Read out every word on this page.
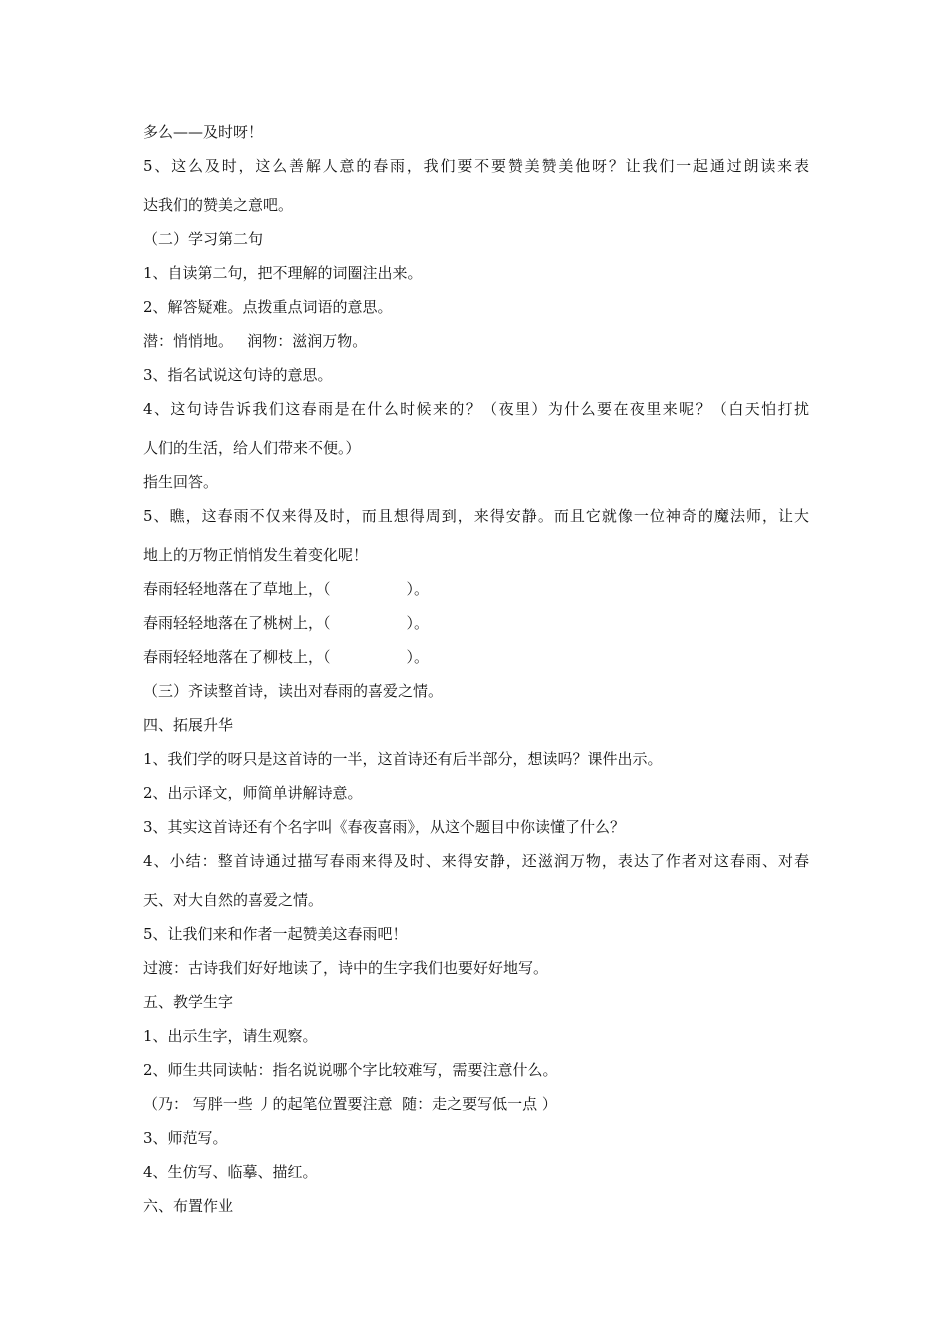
多么——及时呀！
5、这么及时，这么善解人意的春雨，我们要不要赞美赞美他呀？让我们一起通过朗读来表
达我们的赞美之意吧。
（二）学习第二句
1、自读第二句，把不理解的词圈注出来。
2、解答疑难。点拨重点词语的意思。
潜：悄悄地。   润物：滋润万物。
3、指名试说这句诗的意思。
4、这句诗告诉我们这春雨是在什么时候来的？（夜里）为什么要在夜里来呢？（白天怕打扰
人们的生活，给人们带来不便。）
指生回答。
5、瞧，这春雨不仅来得及时，而且想得周到，来得安静。而且它就像一位神奇的魔法师，让大
地上的万物正悄悄发生着变化呢！
春雨轻轻地落在了草地上，（	）。
春雨轻轻地落在了桃树上，（	）。
春雨轻轻地落在了柳枝上，（	）。
（三）齐读整首诗，读出对春雨的喜爱之情。
四、拓展升华
1、我们学的呀只是这首诗的一半，这首诗还有后半部分，想读吗？课件出示。
2、出示译文，师简单讲解诗意。
3、其实这首诗还有个名字叫《春夜喜雨》，从这个题目中你读懂了什么？
4、小结：整首诗通过描写春雨来得及时、来得安静，还滋润万物，表达了作者对这春雨、对春
天、对大自然的喜爱之情。
5、让我们来和作者一起赞美这春雨吧！
过渡：古诗我们好好地读了，诗中的生字我们也要好好地写。
五、教学生字
1、出示生字，请生观察。
2、师生共同读帖：指名说说哪个字比较难写，需要注意什么。
（乃： 写胖一些 丿的起笔位置要注意  随：走之要写低一点 ）
3、师范写。
4、生仿写、临摹、描红。
六、布置作业
